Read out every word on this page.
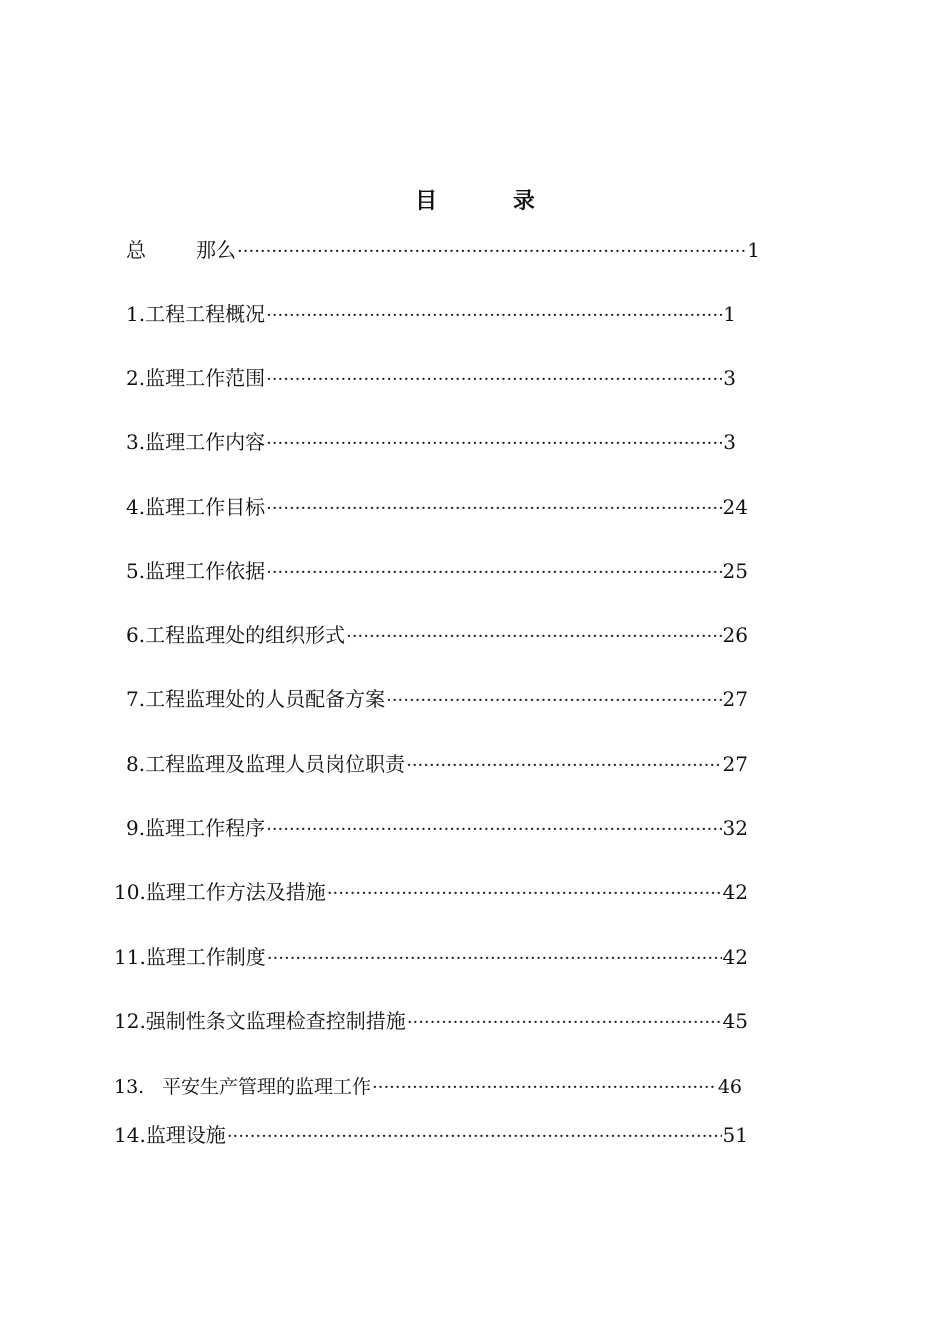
目 录
总	那么 ·····	1
1. 工程工程概况 ·····	1
2. 监理工作范围 ·····	3
3. 监理工作内容 ·····	3
4. 监理工作目标 ·····	24
5. 监理工作依据 ·····	25
6. 工程监理处的组织形式 ·····	26
7. 工程监理处的人员配备方案 ·····	27
8. 工程监理及监理人员岗位职责 ·····	27
9. 监理工作程序 ·····	32
10. 监理工作方法及措施 ·····	42
11. 监理工作制度 ·····	42
12. 强制性条文监理检查控制措施 ·····	45
13. 平安生产管理的监理工作 ·····	46
14. 监理设施 ·····	51
